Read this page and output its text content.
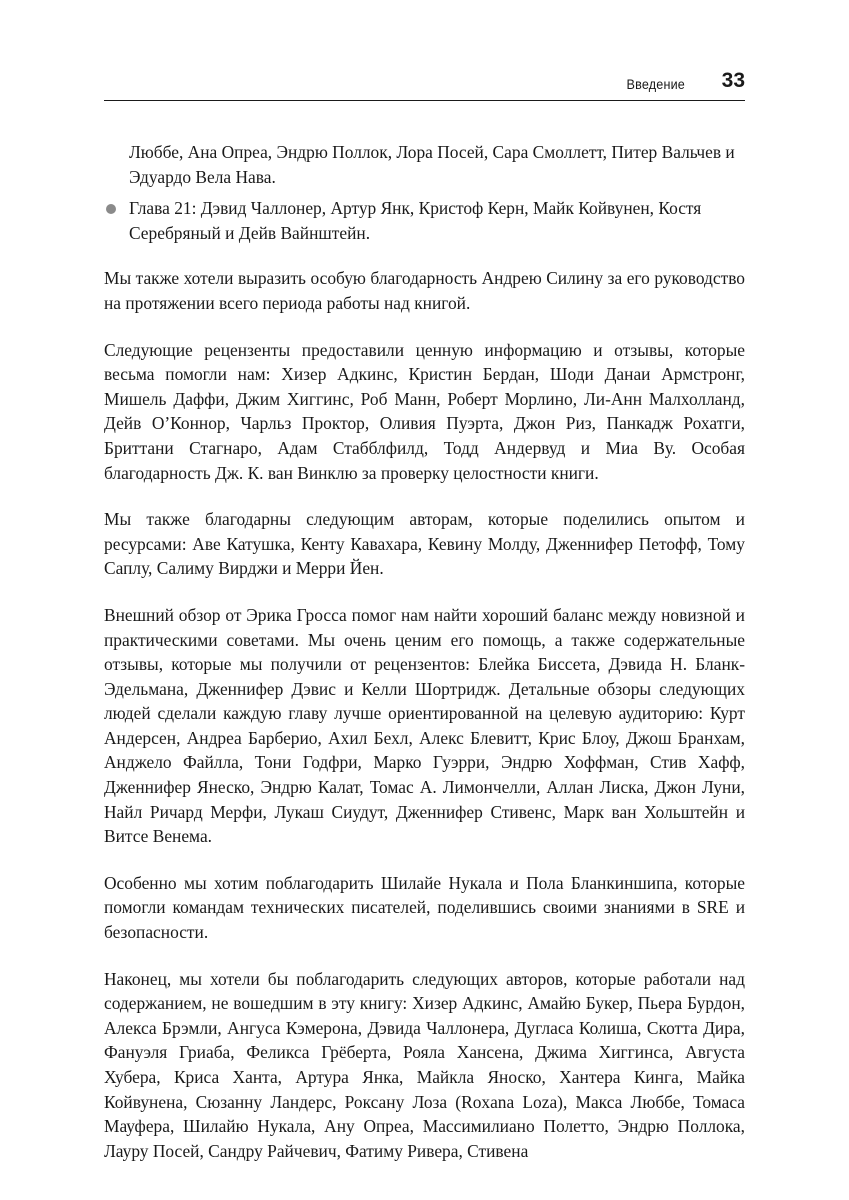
Введение 33
Люббе, Ана Опреа, Эндрю Поллок, Лора Посей, Сара Смоллетт, Питер Вальчев и Эдуардо Вела Нава.
Глава 21: Дэвид Чаллонер, Артур Янк, Кристоф Керн, Майк Койвунен, Костя Серебряный и Дейв Вайнштейн.

Мы также хотели выразить особую благодарность Андрею Силину за его руководство на протяжении всего периода работы над книгой.

Следующие рецензенты предоставили ценную информацию и отзывы, которые весьма помогли нам: Хизер Адкинс, Кристин Бердан, Шоди Данаи Армстронг, Мишель Даффи, Джим Хиггинс, Роб Манн, Роберт Морлино, Ли-Анн Малхолланд, Дейв О’Коннор, Чарльз Проктор, Оливия Пуэрта, Джон Риз, Панкадж Рохатги, Бриттани Стагнаро, Адам Стабблфилд, Тодд Андервуд и Миа Ву. Особая благодарность Дж. К. ван Винклю за проверку целостности книги.

Мы также благодарны следующим авторам, которые поделились опытом и ресурсами: Аве Катушка, Кенту Кавахара, Кевину Молду, Дженнифер Петофф, Тому Саплу, Салиму Вирджи и Мерри Йен.

Внешний обзор от Эрика Гросса помог нам найти хороший баланс между новизной и практическими советами. Мы очень ценим его помощь, а также содержательные отзывы, которые мы получили от рецензентов: Блейка Биссета, Дэвида Н. Бланк-Эдельмана, Дженнифер Дэвис и Келли Шортридж. Детальные обзоры следующих людей сделали каждую главу лучше ориентированной на целевую аудиторию: Курт Андерсен, Андреа Барберио, Ахил Бехл, Алекс Блевитт, Крис Блоу, Джош Бранхам, Анджело Файлла, Тони Годфри, Марко Гуэрри, Эндрю Хоффман, Стив Хафф, Дженнифер Янеско, Эндрю Калат, Томас А. Лимончелли, Аллан Лиска, Джон Луни, Найл Ричард Мерфи, Лукаш Сиудут, Дженнифер Стивенс, Марк ван Хольштейн и Витсе Венема.

Особенно мы хотим поблагодарить Шилайе Нукала и Пола Бланкиншипа, которые помогли командам технических писателей, поделившись своими знаниями в SRE и безопасности.

Наконец, мы хотели бы поблагодарить следующих авторов, которые работали над содержанием, не вошедшим в эту книгу: Хизер Адкинс, Амайю Букер, Пьера Бурдон, Алекса Брэмли, Ангуса Кэмерона, Дэвида Чаллонера, Дугласа Колиша, Скотта Дира, Фануэля Гриаба, Феликса Грёберта, Рояла Хансена, Джима Хиггинса, Августа Хубера, Криса Ханта, Артура Янка, Майкла Яноско, Хантера Кинга, Майка Койвунена, Сюзанну Ландерс, Роксану Лоза (Roxana Loza), Макса Люббе, Томаса Мауфера, Шилайю Нукала, Ану Опреа, Массимилиано Полетто, Эндрю Поллока, Лауру Посей, Сандру Райчевич, Фатиму Ривера, Стивена
